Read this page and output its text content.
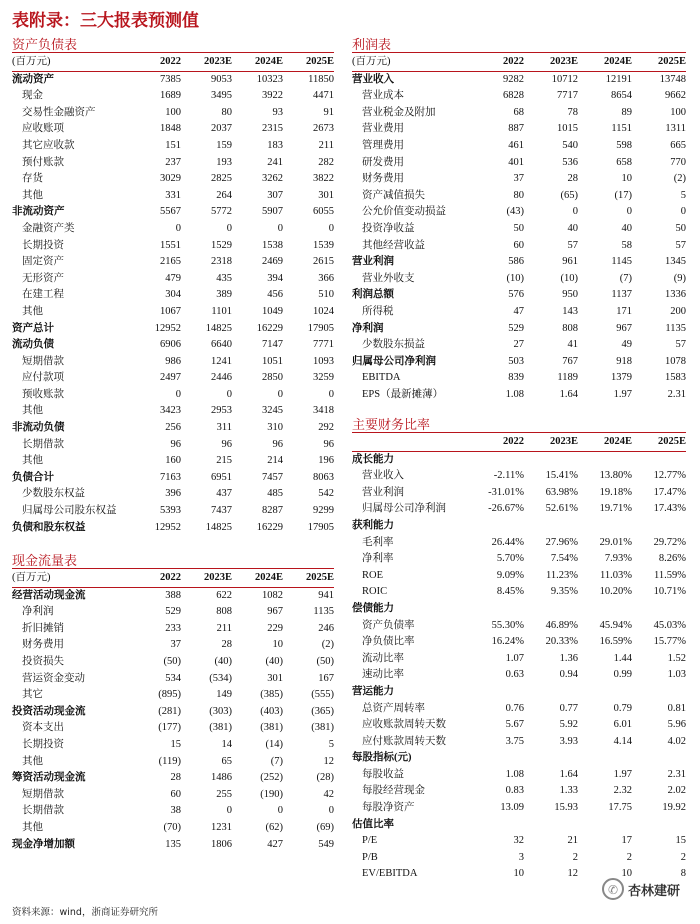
表附录：三大报表预测值
资产负债表
(百万元)	2022	2023E	2024E	2025E
流动资产	7385	9053	10323	11850
现金	1689	3495	3922	4471
交易性金融资产	100	80	93	91
应收账项	1848	2037	2315	2673
其它应收款	151	159	183	211
预付账款	237	193	241	282
存货	3029	2825	3262	3822
其他	331	264	307	301
非流动资产	5567	5772	5907	6055
金融资产类	0	0	0	0
长期投资	1551	1529	1538	1539
固定资产	2165	2318	2469	2615
无形资产	479	435	394	366
在建工程	304	389	456	510
其他	1067	1101	1049	1024
资产总计	12952	14825	16229	17905
流动负债	6906	6640	7147	7771
短期借款	986	1241	1051	1093
应付款项	2497	2446	2850	3259
预收账款	0	0	0	0
其他	3423	2953	3245	3418
非流动负债	256	311	310	292
长期借款	96	96	96	96
其他	160	215	214	196
负债合计	7163	6951	7457	8063
少数股东权益	396	437	485	542
归属母公司股东权益	5393	7437	8287	9299
负债和股东权益	12952	14825	16229	17905
利润表
(百万元)	2022	2023E	2024E	2025E
营业收入	9282	10712	12191	13748
营业成本	6828	7717	8654	9662
营业税金及附加	68	78	89	100
营业费用	887	1015	1151	1311
管理费用	461	540	598	665
研发费用	401	536	658	770
财务费用	37	28	10	(2)
资产减值损失	80	(65)	(17)	5
公允价值变动损益	(43)	0	0	0
投资净收益	50	40	40	50
其他经营收益	60	57	58	57
营业利润	586	961	1145	1345
营业外收支	(10)	(10)	(7)	(9)
利润总额	576	950	1137	1336
所得税	47	143	171	200
净利润	529	808	967	1135
少数股东损益	27	41	49	57
归属母公司净利润	503	767	918	1078
EBITDA	839	1189	1379	1583
EPS（最新摊薄）	1.08	1.64	1.97	2.31
主要财务比率
	2022	2023E	2024E	2025E
成长能力				
营业收入	-2.11%	15.41%	13.80%	12.77%
营业利润	-31.01%	63.98%	19.18%	17.47%
归属母公司净利润	-26.67%	52.61%	19.71%	17.43%
获利能力				
毛利率	26.44%	27.96%	29.01%	29.72%
净利率	5.70%	7.54%	7.93%	8.26%
ROE	9.09%	11.23%	11.03%	11.59%
ROIC	8.45%	9.35%	10.20%	10.71%
偿债能力				
资产负债率	55.30%	46.89%	45.94%	45.03%
净负债比率	16.24%	20.33%	16.59%	15.77%
流动比率	1.07	1.36	1.44	1.52
速动比率	0.63	0.94	0.99	1.03
营运能力				
总资产周转率	0.76	0.77	0.79	0.81
应收账款周转天数	5.67	5.92	6.01	5.96
应付账款周转天数	3.75	3.93	4.14	4.02
每股指标(元)				
每股收益	1.08	1.64	1.97	2.31
每股经营现金	0.83	1.33	2.32	2.02
每股净资产	13.09	15.93	17.75	19.92
估值比率				
P/E	32	21	17	15
P/B	3	2	2	2
EV/EBITDA	10	12	10	8
现金流量表
(百万元)	2022	2023E	2024E	2025E
经营活动现金流	388	622	1082	941
净利润	529	808	967	1135
折旧摊销	233	211	229	246
财务费用	37	28	10	(2)
投资损失	(50)	(40)	(40)	(50)
营运资金变动	534	(534)	301	167
其它	(895)	149	(385)	(555)
投资活动现金流	(281)	(303)	(403)	(365)
资本支出	(177)	(381)	(381)	(381)
长期投资	15	14	(14)	5
其他	(119)	65	(7)	12
筹资活动现金流	28	1486	(252)	(28)
短期借款	60	255	(190)	42
长期借款	38	0	0	0
其他	(70)	1231	(62)	(69)
现金净增加额	135	1806	427	549
资料来源：wind，浙商证券研究所
✆ 杏林建研
